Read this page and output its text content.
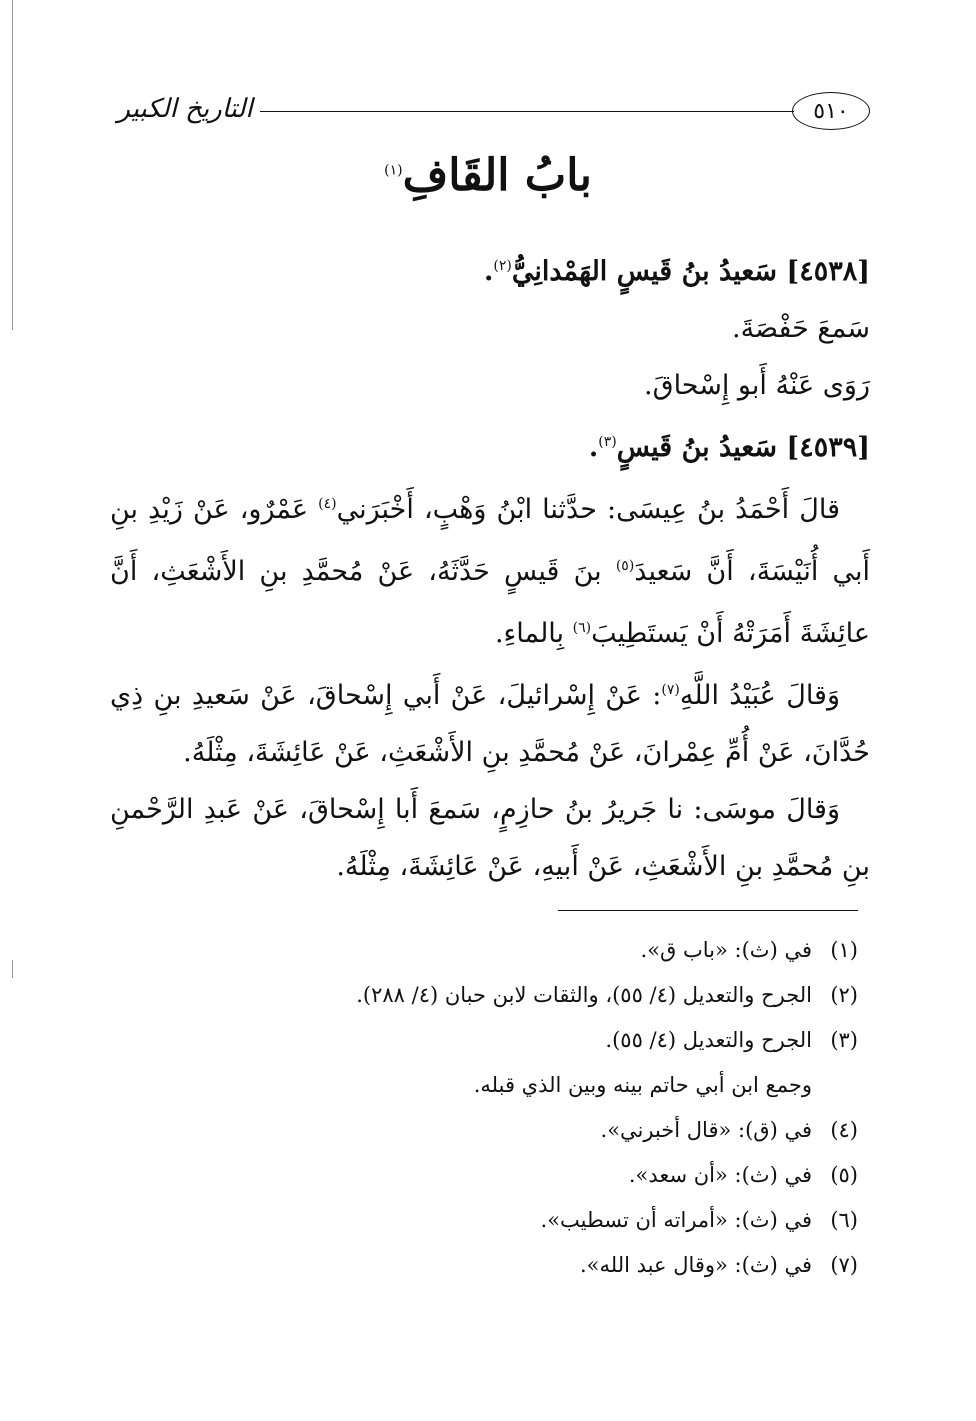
التاريخ الكبير	٥١٠
بابُ القَافِ$^{(١)}$

[٤٥٣٨] سَعيدُ بنُ قَيسٍ الهَمْدانِيُّ$^{(٢)}$.

سَمعَ حَفْصَةَ.

رَوَى عَنْهُ أَبو إِسْحاقَ.

[٤٥٣٩] سَعيدُ بنُ قَيسٍ$^{(٣)}$.

قالَ أَحْمَدُ بنُ عِيسَى: حدَّثنا ابْنُ وَهْبٍ، أَخْبَرَني$^{(٤)}$ عَمْرٌو، عَنْ زَيْدِ بنِ أَبي أُنَيْسَةَ، أَنَّ سَعيدَ$^{(٥)}$ بنَ قَيسٍ حَدَّثَهُ، عَنْ مُحمَّدِ بنِ الأَشْعَثِ، أَنَّ عائِشَةَ أَمَرَتْهُ أَنْ يَستَطِيبَ$^{(٦)}$ بِالماءِ.

وَقالَ عُبَيْدُ اللَّهِ$^{(٧)}$: عَنْ إِسْرائيلَ، عَنْ أَبي إِسْحاقَ، عَنْ سَعيدِ بنِ ذِي حُدَّانَ، عَنْ أُمِّ عِمْرانَ، عَنْ مُحمَّدِ بنِ الأَشْعَثِ، عَنْ عَائِشَةَ، مِثْلَهُ.

وَقالَ موسَى: نا جَريرُ بنُ حازِمٍ، سَمعَ أَبا إِسْحاقَ، عَنْ عَبدِ الرَّحْمنِ بنِ مُحمَّدِ بنِ الأَشْعَثِ، عَنْ أَبيهِ، عَنْ عَائِشَةَ، مِثْلَهُ.

(١)
في (ث): «باب ق».
(٢)
الجرح والتعديل (٤/ ٥٥)، والثقات لابن حبان (٤/ ٢٨٨).
(٣)
الجرح والتعديل (٤/ ٥٥).
وجمع ابن أبي حاتم بينه وبين الذي قبله.
(٤)
في (ق): «قال أخبرني».
(٥)
في (ث): «أن سعد».
(٦)
في (ث): «أمراته أن تسطيب».
(٧)
في (ث): «وقال عبد الله».
